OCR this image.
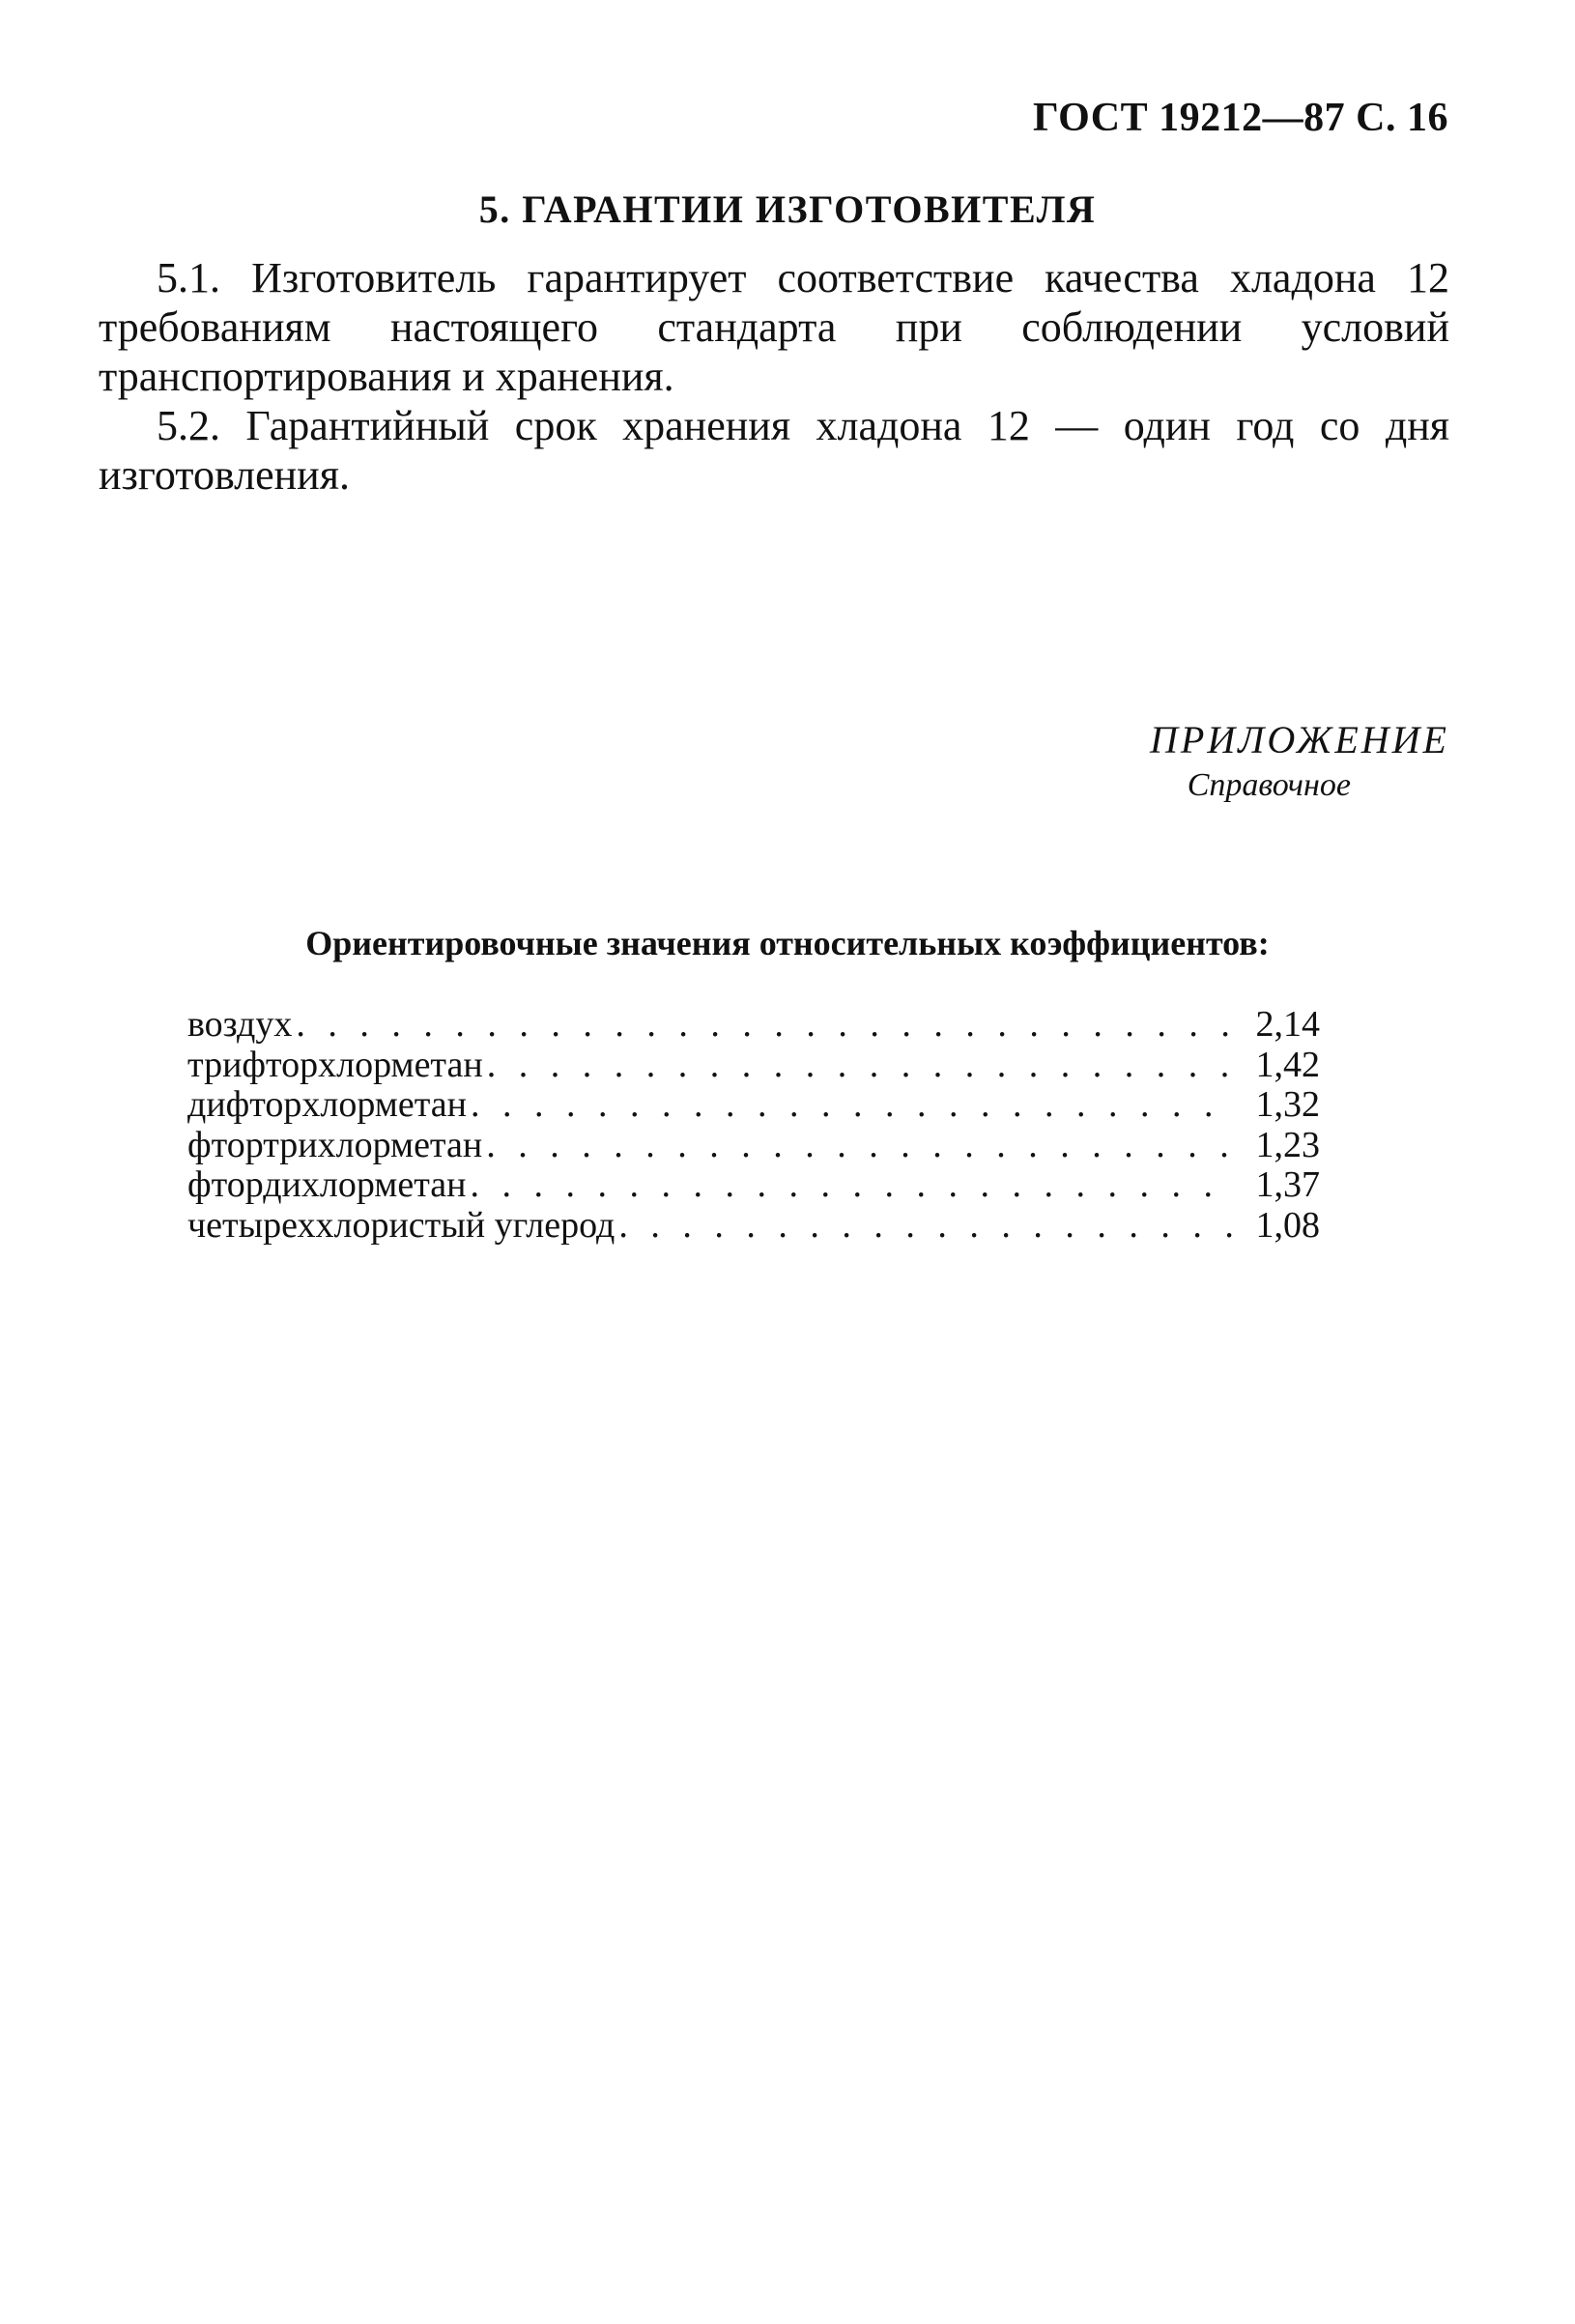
ГОСТ 19212—87 С. 16
5. ГАРАНТИИ ИЗГОТОВИТЕЛЯ

5.1. Изготовитель гарантирует соответствие качества хладона 12 требованиям настоящего стандарта при соблюдении условий транспортирования и хранения.

5.2. Гарантийный срок хранения хладона 12 — один год со дня изготовления.

ПРИЛОЖЕНИЕ
Справочное
Ориентировочные значения относительных коэффициентов:
воздух . . .	2,14
трифторхлорметан . . .	1,42
дифторхлорметан . . .	1,32
фтортрихлорметан . . .	1,23
фтордихлорметан . . .	1,37
четыреххлористый углерод . . .	1,08
